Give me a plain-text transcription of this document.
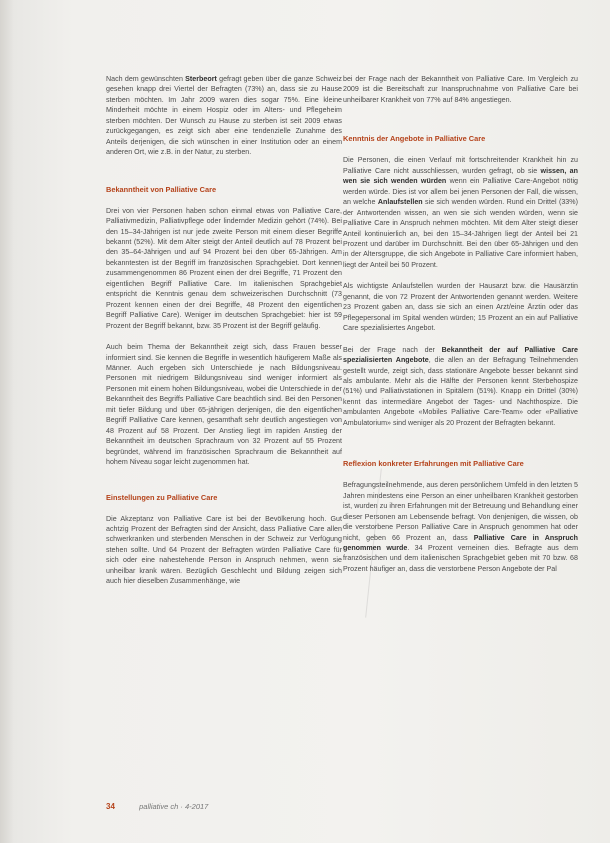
Nach dem gewünschten Sterbeort gefragt geben über die ganze Schweiz gesehen knapp drei Viertel der Befragten (73%) an, dass sie zu Hause sterben möchten. Im Jahr 2009 waren dies sogar 75%. Eine kleine Minderheit möchte in einem Hospiz oder im Alters- und Pflegeheim sterben möchten. Der Wunsch zu Hause zu sterben ist seit 2009 etwas zurückgegangen, es zeigt sich aber eine tendenzielle Zunahme des Anteils derjenigen, die sich wünschen in einer Institution oder an einem anderen Ort, wie z.B. in der Natur, zu sterben.

Bekanntheit von Palliative Care

Drei von vier Personen haben schon einmal etwas von Palliative Care, Palliativmedizin, Palliativpflege oder lindernder Medizin gehört (74%). Bei den 15–34-Jährigen ist nur jede zweite Person mit einem dieser Begriffe bekannt (52%). Mit dem Alter steigt der Anteil deutlich auf 78 Prozent bei den 35–64-Jährigen und auf 94 Prozent bei den über 65-Jährigen. Am bekanntesten ist der Begriff im französischen Sprachgebiet. Dort kennen zusammengenommen 86 Prozent einen der drei Begriffe, 71 Prozent den eigentlichen Begriff Palliative Care. Im italienischen Sprachgebiet entspricht die Kenntnis genau dem schweizerischen Durchschnitt (73 Prozent kennen einen der drei Begriffe, 48 Prozent den eigentlichen Begriff Palliative Care). Weniger im deutschen Sprachgebiet: hier ist 59 Prozent der Begriff bekannt, bzw. 35 Prozent ist der Begriff geläufig.

Auch beim Thema der Bekanntheit zeigt sich, dass Frauen besser informiert sind. Sie kennen die Begriffe in wesentlich häufigerem Maße als Männer. Auch ergeben sich Unterschiede je nach Bildungsniveau. Personen mit niedrigem Bildungsniveau sind weniger informiert als Personen mit einem hohen Bildungsniveau, wobei die Unterschiede in der Bekanntheit des Begriffs Palliative Care beachtlich sind. Bei den Personen mit tiefer Bildung und über 65-jährigen derjenigen, die den eigentlichen Begriff Palliative Care kennen, gesamthaft sehr deutlich angestiegen von 48 Prozent auf 58 Prozent. Der Anstieg liegt im rapiden Anstieg der Bekanntheit im deutschen Sprachraum von 32 Prozent auf 55 Prozent begründet, während im französischen Sprachraum die Bekanntheit auf hohem Niveau sogar leicht zugenommen hat.

Einstellungen zu Palliative Care

Die Akzeptanz von Palliative Care ist bei der Bevölkerung hoch. Gut achtzig Prozent der Befragten sind der Ansicht, dass Palliative Care allen schwerkranken und sterbenden Menschen in der Schweiz zur Verfügung stehen sollte. Und 64 Prozent der Befragten würden Palliative Care für sich oder eine nahestehende Person in Anspruch nehmen, wenn sie unheilbar krank wären. Bezüglich Geschlecht und Bildung zeigen sich auch hier dieselben Zusammenhänge, wie

bei der Frage nach der Bekanntheit von Palliative Care. Im Vergleich zu 2009 ist die Bereitschaft zur Inanspruchnahme von Palliative Care bei unheilbarer Krankheit von 77% auf 84% angestiegen.

Kenntnis der Angebote in Palliative Care

Die Personen, die einen Verlauf mit fortschreitender Krankheit hin zu Palliative Care nicht ausschliessen, wurden gefragt, ob sie wissen, an wen sie sich wenden würden wenn ein Palliative Care-Angebot nötig werden würde. Dies ist vor allem bei jenen Personen der Fall, die wissen, an welche Anlaufstellen sie sich wenden würden. Rund ein Drittel (33%) der Antwortenden wissen, an wen sie sich wenden würden, wenn sie Palliative Care in Anspruch nehmen möchten. Mit dem Alter steigt dieser Anteil kontinuierlich an, bei den 15–34-Jährigen liegt der Anteil bei 21 Prozent und darüber im Durchschnitt. Bei den über 65-Jährigen und den in der Altersgruppe, die sich Angebote in Palliative Care informiert haben, liegt der Anteil bei 50 Prozent.

Als wichtigste Anlaufstellen wurden der Hausarzt bzw. die Hausärztin genannt, die von 72 Prozent der Antwortenden genannt werden. Weitere 23 Prozent gaben an, dass sie sich an einen Arzt/eine Ärztin oder das Pflegepersonal im Spital wenden würden; 15 Prozent an ein auf Palliative Care spezialisiertes Angebot.

Bei der Frage nach der Bekanntheit der auf Palliative Care spezialisierten Angebote, die allen an der Befragung Teilnehmenden gestellt wurde, zeigt sich, dass stationäre Angebote besser bekannt sind als ambulante. Mehr als die Hälfte der Personen kennt Sterbehospize (51%) und Palliativstationen in Spitälern (51%). Knapp ein Drittel (30%) kennt das intermediäre Angebot der Tages- und Nachthospize. Die ambulanten Angebote «Mobiles Palliative Care-Team» oder «Palliative Ambulatorium» sind weniger als 20 Prozent der Befragten bekannt.

Reflexion konkreter Erfahrungen mit Palliative Care

Befragungsteilnehmende, aus deren persönlichem Umfeld in den letzten 5 Jahren mindestens eine Person an einer unheilbaren Krankheit gestorben ist, wurden zu ihren Erfahrungen mit der Betreuung und Behandlung einer dieser Personen am Lebensende befragt. Von denjenigen, die wissen, ob die verstorbene Person Palliative Care in Anspruch genommen hat oder nicht, geben 66 Prozent an, dass Palliative Care in Anspruch genommen wurde. 34 Prozent verneinen dies. Befragte aus dem französischen und dem italienischen Sprachgebiet geben mit 70 bzw. 68 Prozent häufiger an, dass die verstorbene Person Angebote der Pal

34	palliative ch · 4-2017
